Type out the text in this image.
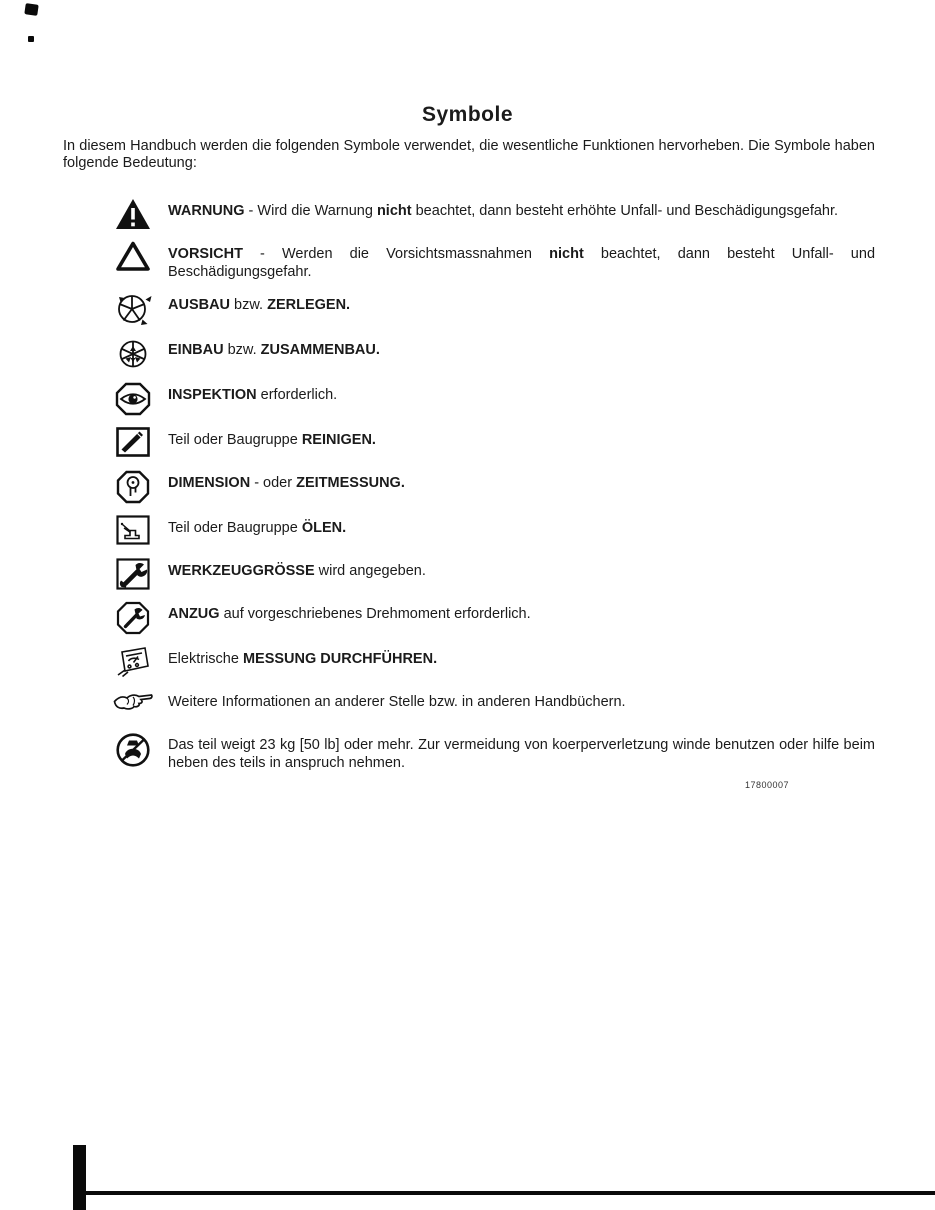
Symbole

In diesem Handbuch werden die folgenden Symbole verwendet, die wesentliche Funktionen hervorheben. Die Symbole haben folgende Bedeutung:

WARNUNG - Wird die Warnung nicht beachtet, dann besteht erhöhte Unfall- und Beschädigungsgefahr.
VORSICHT - Werden die Vorsichtsmassnahmen nicht beachtet, dann besteht Unfall- und Beschädigungsgefahr.
AUSBAU bzw. ZERLEGEN.
EINBAU bzw. ZUSAMMENBAU.
INSPEKTION erforderlich.
Teil oder Baugruppe REINIGEN.
DIMENSION - oder ZEITMESSUNG.
Teil oder Baugruppe ÖLEN.
WERKZEUGGRÖSSE wird angegeben.
ANZUG auf vorgeschriebenes Drehmoment erforderlich.
Elektrische MESSUNG DURCHFÜHREN.
Weitere Informationen an anderer Stelle bzw. in anderen Handbüchern.
Das teil weigt 23 kg [50 lb] oder mehr. Zur vermeidung von koerperverletzung winde benutzen oder hilfe beim heben des teils in anspruch nehmen.
17800007
